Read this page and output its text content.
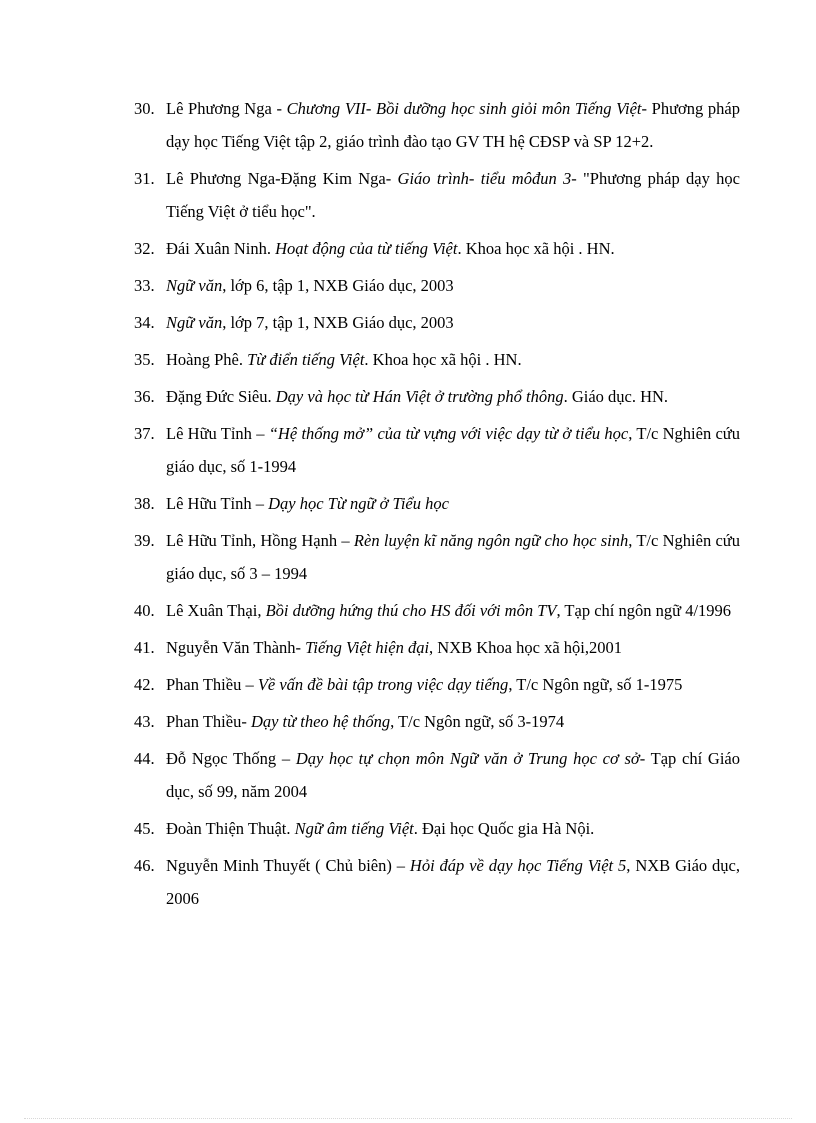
30. Lê Phương Nga - Chương VII- Bồi dưỡng học sinh giỏi môn Tiếng Việt- Phương pháp dạy học Tiếng Việt tập 2, giáo trình đào tạo GV TH hệ CĐSP và SP 12+2.
31. Lê Phương Nga-Đặng Kim Nga- Giáo trình- tiểu môđun 3- "Phương pháp dạy học Tiếng Việt ở tiểu học".
32. Đái Xuân Ninh. Hoạt động của từ tiếng Việt. Khoa học xã hội . HN.
33. Ngữ văn, lớp 6, tập 1, NXB Giáo dục, 2003
34. Ngữ văn, lớp 7, tập 1, NXB Giáo dục, 2003
35. Hoàng Phê. Từ điển tiếng Việt. Khoa học xã hội . HN.
36. Đặng Đức Siêu. Dạy và học từ Hán Việt ở trường phổ thông. Giáo dục. HN.
37. Lê Hữu Tỉnh – “Hệ thống mở” của từ vựng với việc dạy từ ở tiểu học, T/c Nghiên cứu giáo dục, số 1-1994
38. Lê Hữu Tỉnh – Dạy học Từ ngữ ở Tiểu học
39. Lê Hữu Tỉnh, Hồng Hạnh – Rèn luyện kĩ năng ngôn ngữ cho học sinh, T/c Nghiên cứu giáo dục, số 3 – 1994
40. Lê Xuân Thại, Bồi dưỡng hứng thú cho HS đối với môn TV, Tạp chí ngôn ngữ 4/1996
41. Nguyễn Văn Thành- Tiếng Việt hiện đại, NXB Khoa học xã hội,2001
42. Phan Thiều – Về vấn đề bài tập trong việc dạy tiếng, T/c Ngôn ngữ, số 1-1975
43. Phan Thiều- Dạy từ theo hệ thống, T/c Ngôn ngữ, số 3-1974
44. Đỗ Ngọc Thống – Dạy học tự chọn môn Ngữ văn ở Trung học cơ sở- Tạp chí Giáo dục, số 99, năm 2004
45. Đoàn Thiện Thuật. Ngữ âm tiếng Việt. Đại học Quốc gia Hà Nội.
46. Nguyễn Minh Thuyết ( Chủ biên) – Hỏi đáp về dạy học Tiếng Việt 5, NXB Giáo dục, 2006
